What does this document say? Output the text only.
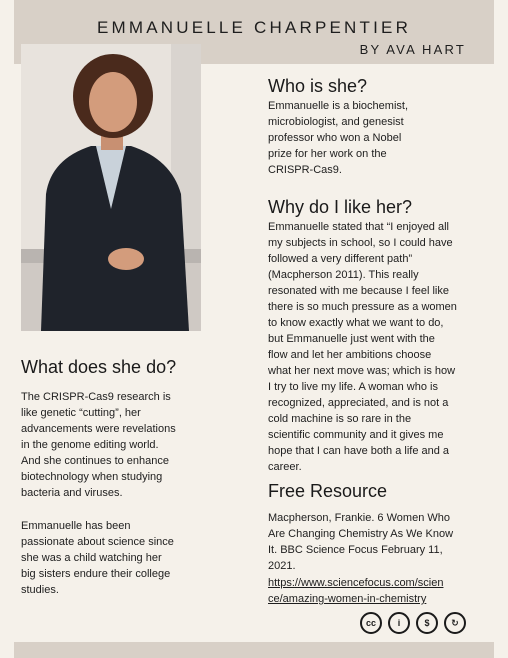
EMMANUELLE CHARPENTIER
BY AVA HART
Who is she?

Emmanuelle is a biochemist,
microbiologist, and genesist
professor who won a Nobel
prize for her work on the
CRISPR-Cas9.

Why do I like her?

Emmanuelle stated that “I enjoyed all
my subjects in school, so I could have
followed a very different path”
(Macpherson 2011). This really
resonated with me because I feel like
there is so much pressure as a women
to know exactly what we want to do,
but Emmanuelle just went with the
flow and let her ambitions choose
what her next move was; which is how
I try to live my life. A woman who is
recognized, appreciated, and is not a
cold machine is so rare in the
scientific community and it gives me
hope that I can have both a life and a
career.

What does she do?

The CRISPR-Cas9 research is
like genetic “cutting”, her
advancements were revelations
in the genome editing world.
And she continues to enhance
biotechnology when studying
bacteria and viruses.

Emmanuelle has been
passionate about science since
she was a child watching her
big sisters endure their college
studies.

Free Resource

Macpherson, Frankie. 6 Women Who
Are Changing Chemistry As We Know
It. BBC Science Focus February 11,
2021.

https://www.sciencefocus.com/scien
ce/amazing-women-in-chemistry

cc	i	$	↻
